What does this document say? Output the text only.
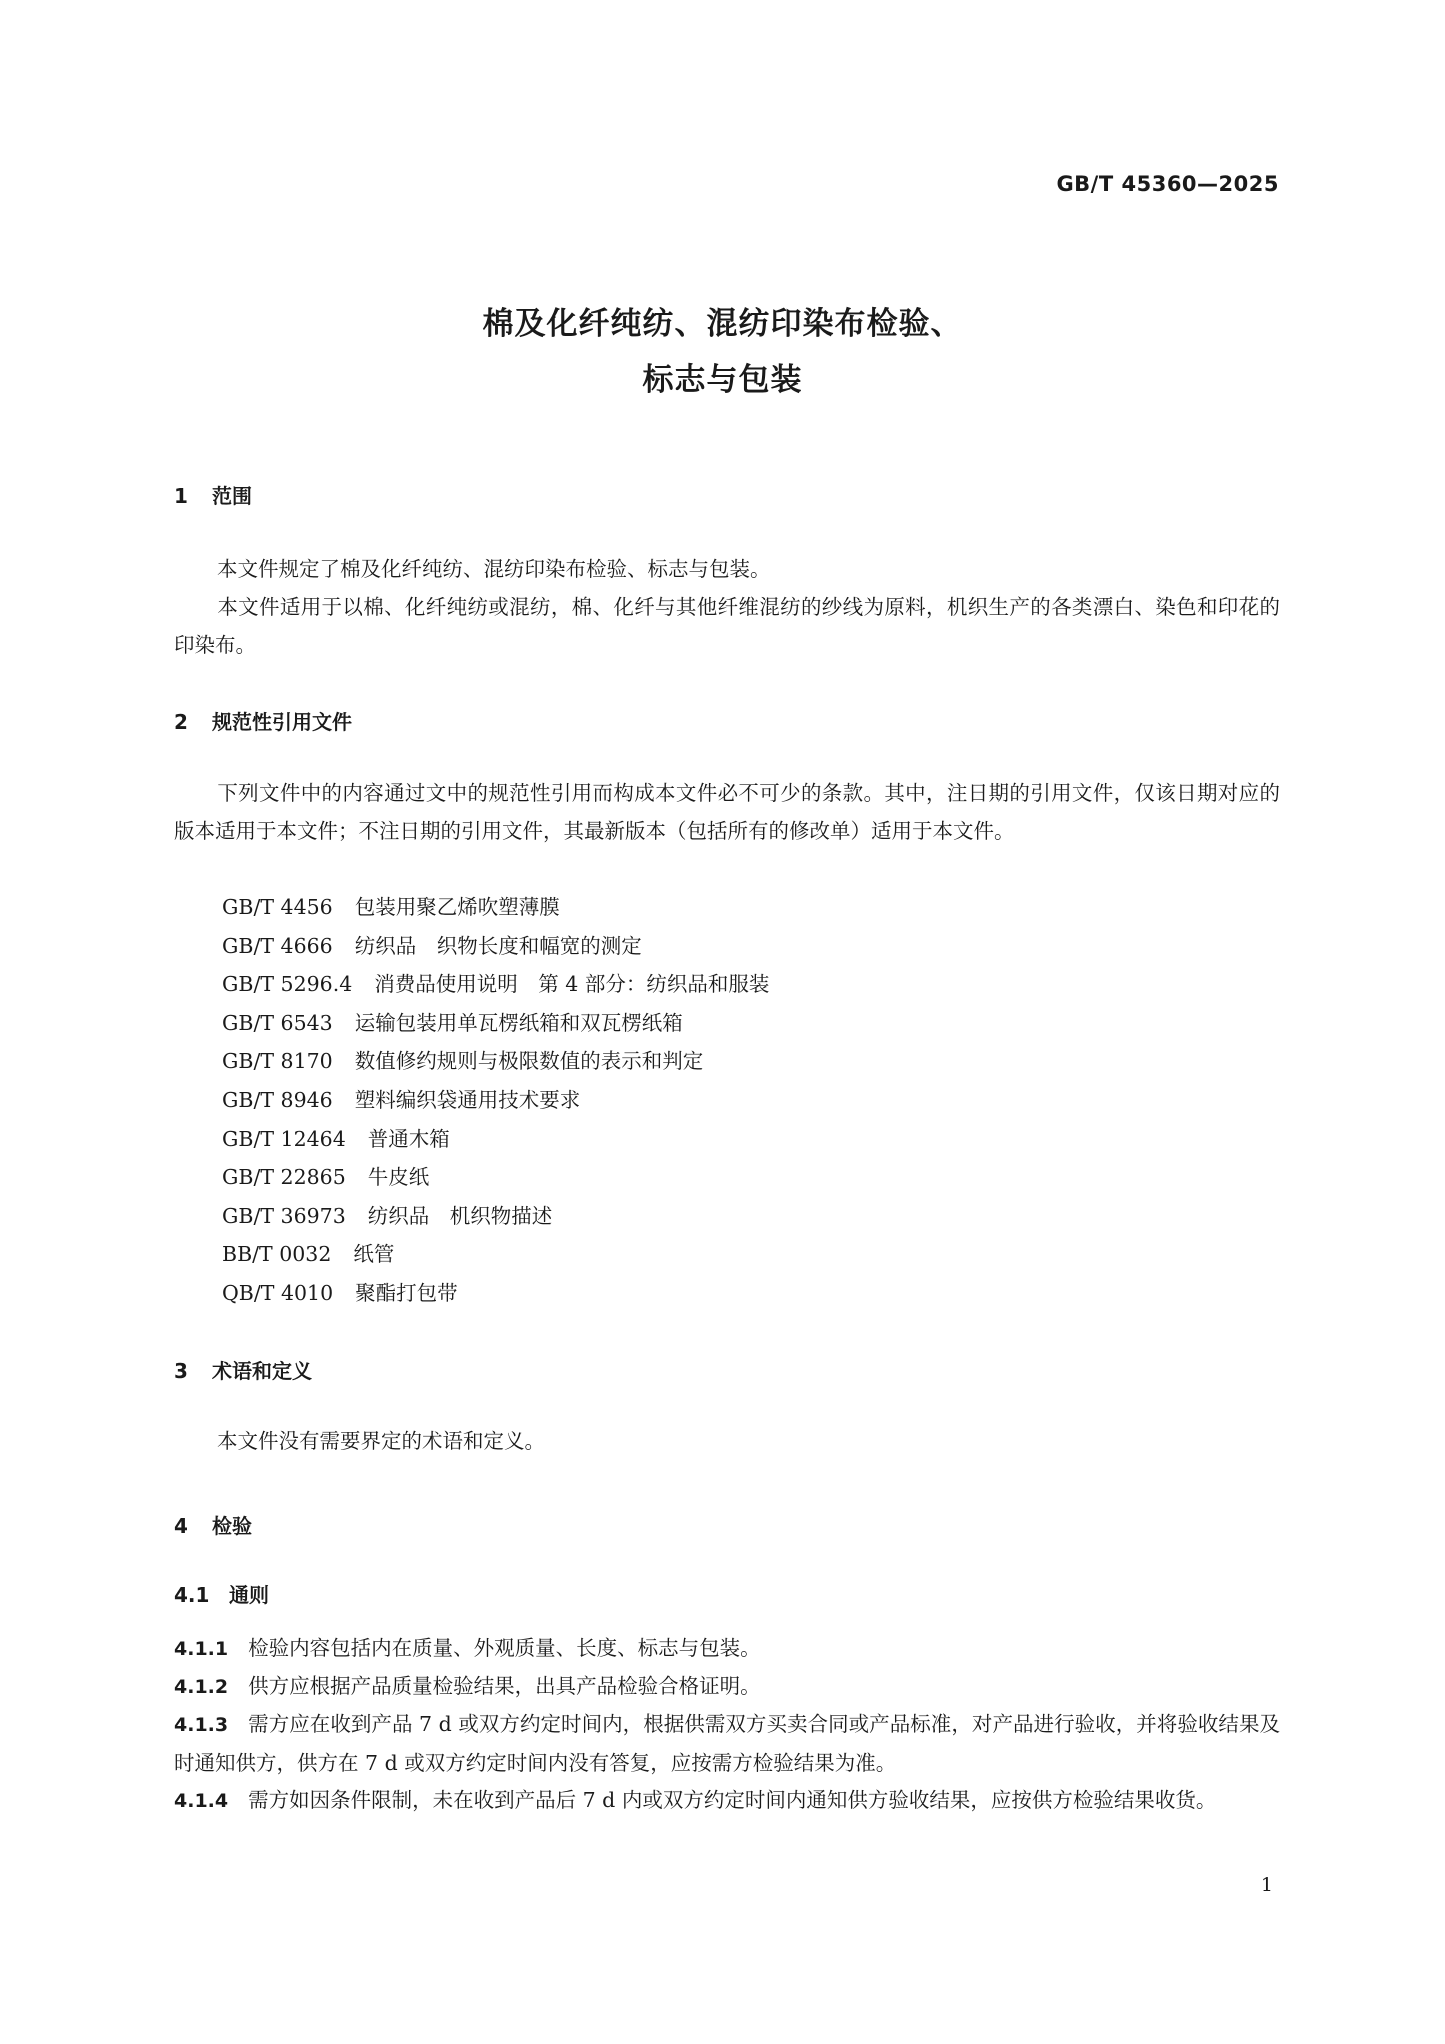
GB/T 45360—2025
棉及化纤纯纺、混纺印染布检验、
标志与包装
1 范围
本文件规定了棉及化纤纯纺、混纺印染布检验、标志与包装。
本文件适用于以棉、化纤纯纺或混纺，棉、化纤与其他纤维混纺的纱线为原料，机织生产的各类漂白、染色和印花的印染布。
2 规范性引用文件
下列文件中的内容通过文中的规范性引用而构成本文件必不可少的条款。其中，注日期的引用文件，仅该日期对应的版本适用于本文件；不注日期的引用文件，其最新版本（包括所有的修改单）适用于本文件。
GB/T 4456 包装用聚乙烯吹塑薄膜
GB/T 4666 纺织品　织物长度和幅宽的测定
GB/T 5296.4 消费品使用说明　第 4 部分：纺织品和服装
GB/T 6543 运输包装用单瓦楞纸箱和双瓦楞纸箱
GB/T 8170 数值修约规则与极限数值的表示和判定
GB/T 8946 塑料编织袋通用技术要求
GB/T 12464 普通木箱
GB/T 22865 牛皮纸
GB/T 36973 纺织品　机织物描述
BB/T 0032 纸管
QB/T 4010 聚酯打包带
3 术语和定义
本文件没有需要界定的术语和定义。
4 检验
4.1 通则
4.1.1 检验内容包括内在质量、外观质量、长度、标志与包装。
4.1.2 供方应根据产品质量检验结果，出具产品检验合格证明。
4.1.3 需方应在收到产品 7 d 或双方约定时间内，根据供需双方买卖合同或产品标准，对产品进行验收，并将验收结果及时通知供方，供方在 7 d 或双方约定时间内没有答复，应按需方检验结果为准。
4.1.4 需方如因条件限制，未在收到产品后 7 d 内或双方约定时间内通知供方验收结果，应按供方检验结果收货。
1
